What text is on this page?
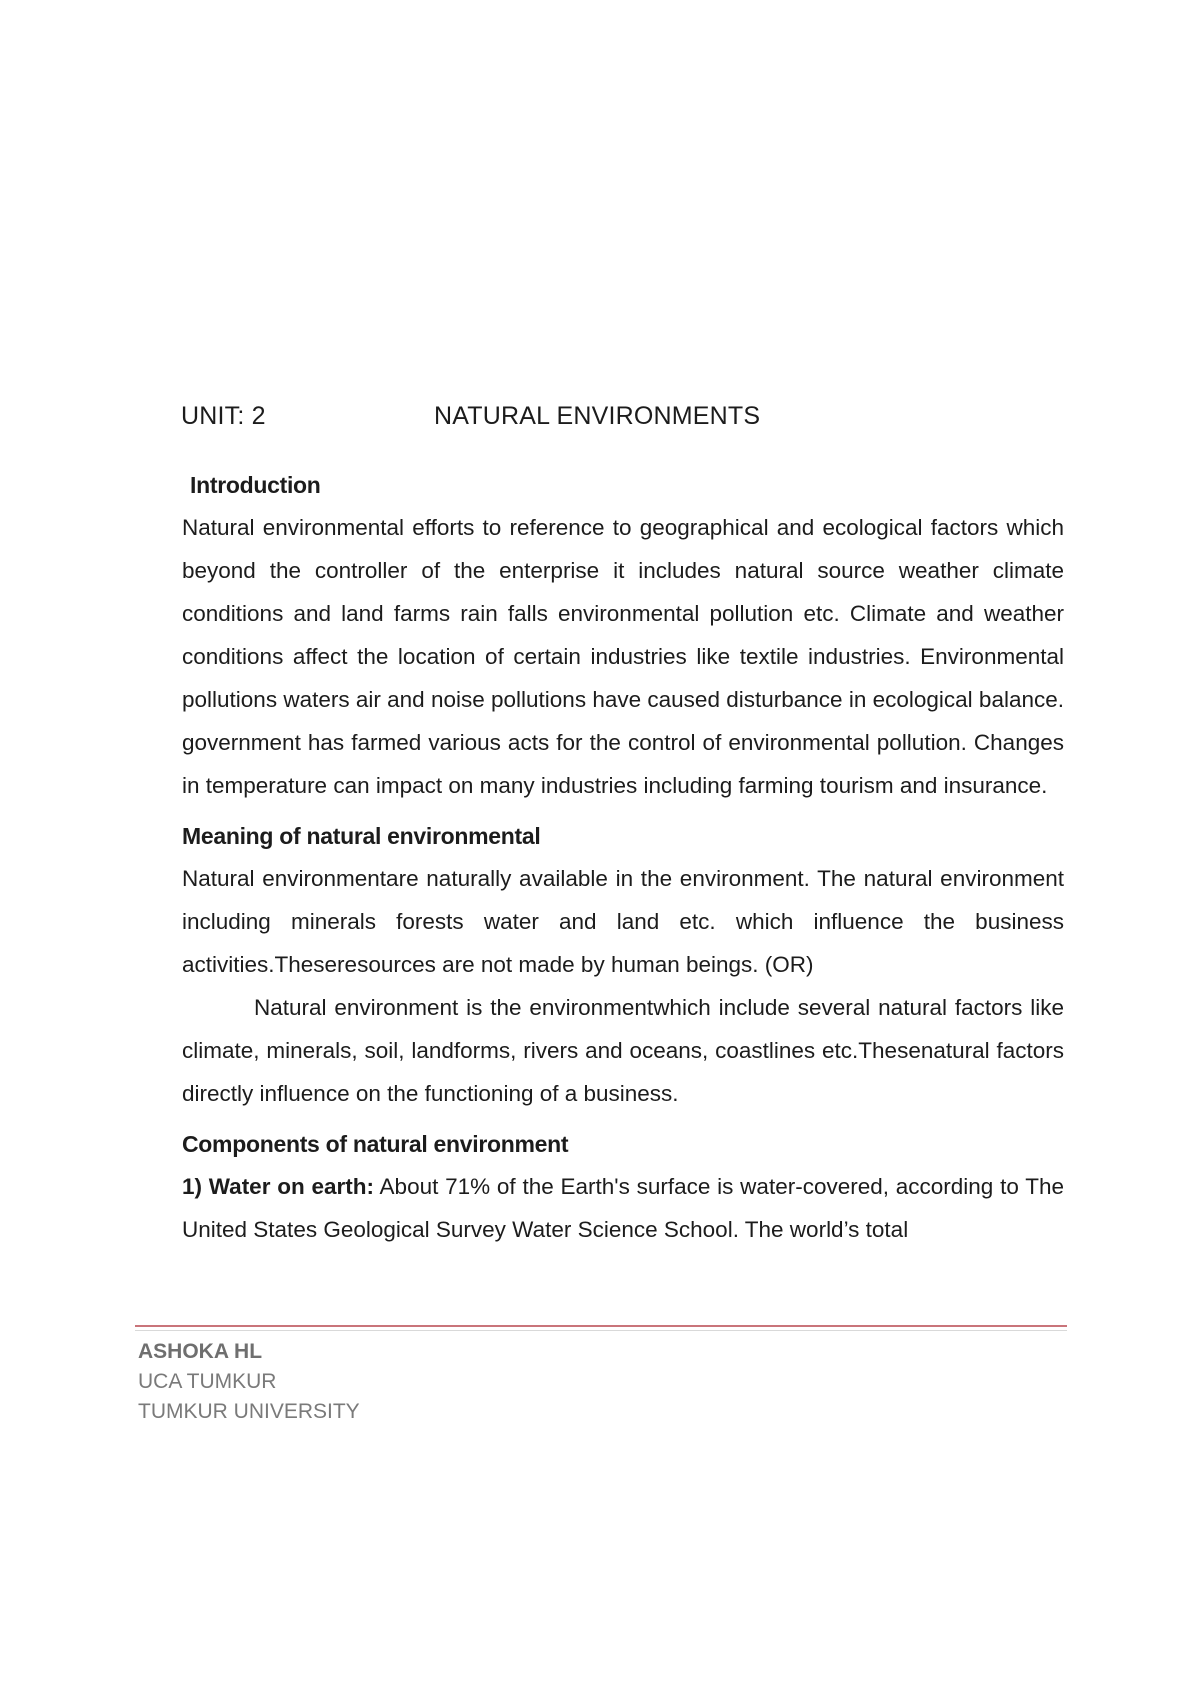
UNIT: 2	NATURAL ENVIRONMENTS
Introduction

Natural environmental efforts to reference to geographical and ecological factors which beyond the controller of the enterprise it includes natural source weather climate conditions and land farms rain falls environmental pollution etc. Climate and weather conditions affect the location of certain industries like textile industries. Environmental pollutions waters air and noise pollutions have caused disturbance in ecological balance. government has farmed various acts for the control of environmental pollution. Changes in temperature can impact on many industries including farming tourism and insurance.

Meaning of natural environmental

Natural environmentare naturally available in the environment. The natural environment including minerals forests water and land etc. which influence the business activities.Theseresources are not made by human beings. (OR)

Natural environment is the environmentwhich include several natural factors like climate, minerals, soil, landforms, rivers and oceans, coastlines etc.Thesenatural factors directly influence on the functioning of a business.

Components of natural environment

1) Water on earth: About 71% of the Earth's surface is water-covered, according to The United States Geological Survey Water Science School. The world’s total

ASHOKA HL
UCA TUMKUR
TUMKUR UNIVERSITY
